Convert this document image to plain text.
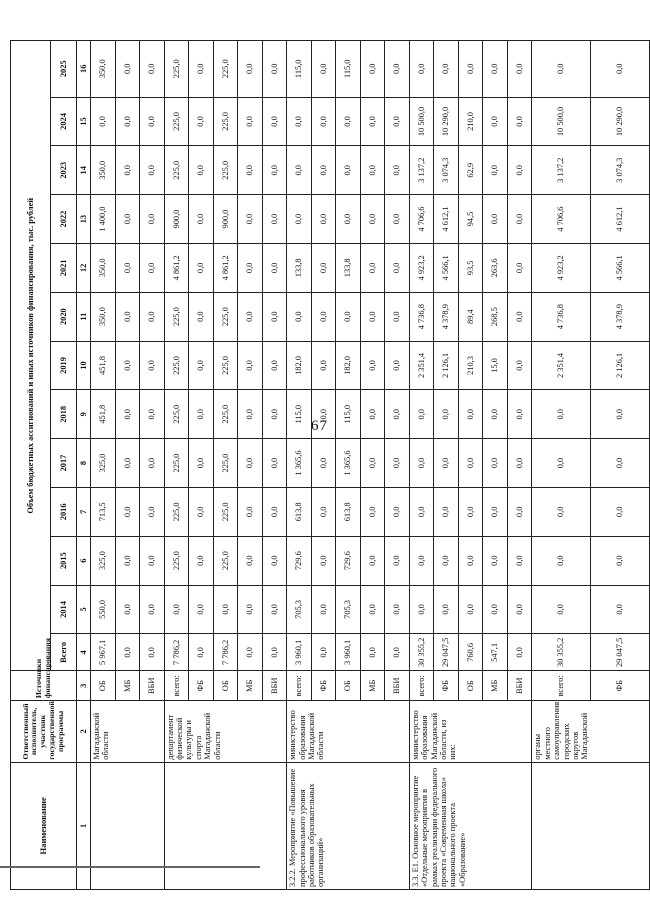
67
Наименование	Ответственный исполнитель, участник государственной программы	Источники финансирования	Объем бюджетных ассигнований и иных источников финансирования, тыс. рублей												
			Всего	2014	2015	2016	2017	2018	2019	2020	2021	2022	2023	2024	2025
1	2	3	4	5	6	7	8	9	10	11	12	13	14	15	16
	Магаданской области	ОБ	5 967,1	550,0	325,0	713,5	325,0	451,8	451,8	350,0	350,0	1 400,0	350,0	0,0	350,0
		МБ	0,0	0,0	0,0	0,0	0,0	0,0	0,0	0,0	0,0	0,0	0,0	0,0	0,0
		ВБИ	0,0	0,0	0,0	0,0	0,0	0,0	0,0	0,0	0,0	0,0	0,0	0,0	0,0
	департамент физической культуры и спорта Магаданской области	всего:	7 786,2	0,0	225,0	225,0	225,0	225,0	225,0	225,0	4 861,2	900,0	225,0	225,0	225,0
		ФБ	0,0	0,0	0,0	0,0	0,0	0,0	0,0	0,0	0,0	0,0	0,0	0,0	0,0
		ОБ	7 786,2	0,0	225,0	225,0	225,0	225,0	225,0	225,0	4 861,2	900,0	225,0	225,0	225,0
		МБ	0,0	0,0	0,0	0,0	0,0	0,0	0,0	0,0	0,0	0,0	0,0	0,0	0,0
		ВБИ	0,0	0,0	0,0	0,0	0,0	0,0	0,0	0,0	0,0	0,0	0,0	0,0	0,0
3.2.2. Мероприятие «Повышение профессионального уровня работников образовательных организаций»	министерство образования Магаданской области	всего:	3 960,1	705,3	729,6	613,8	1 365,6	115,0	182,0	0,0	133,8	0,0	0,0	0,0	115,0
		ФБ	0,0	0,0	0,0	0,0	0,0	0,0	0,0	0,0	0,0	0,0	0,0	0,0	0,0
		ОБ	3 960,1	705,3	729,6	613,8	1 365,6	115,0	182,0	0,0	133,8	0,0	0,0	0,0	115,0
		МБ	0,0	0,0	0,0	0,0	0,0	0,0	0,0	0,0	0,0	0,0	0,0	0,0	0,0
		ВБИ	0,0	0,0	0,0	0,0	0,0	0,0	0,0	0,0	0,0	0,0	0,0	0,0	0,0
3.3. Е1. Основное мероприятие «Отдельные мероприятия в рамках реализации федерального проекта «Современная школа» национального проекта «Образование»	министерство образования Магаданской области, из них:	всего:	30 355,2	0,0	0,0	0,0	0,0	0,0	2 351,4	4 736,8	4 923,2	4 706,6	3 137,2	10 500,0	0,0
		ФБ	29 047,5	0,0	0,0	0,0	0,0	0,0	2 126,1	4 378,9	4 566,1	4 612,1	3 074,3	10 290,0	0,0
		ОБ	760,6	0,0	0,0	0,0	0,0	0,0	210,3	89,4	93,5	94,5	62,9	210,0	0,0
		МБ	547,1	0,0	0,0	0,0	0,0	0,0	15,0	268,5	263,6	0,0	0,0	0,0	0,0
		ВБИ	0,0	0,0	0,0	0,0	0,0	0,0	0,0	0,0	0,0	0,0	0,0	0,0	0,0
	органы местного самоуправления городских округов Магаданской	всего:	30 355,2	0,0	0,0	0,0	0,0	0,0	2 351,4	4 736,8	4 923,2	4 706,6	3 137,2	10 500,0	0,0
		ФБ	29 047,5	0,0	0,0	0,0	0,0	0,0	2 126,1	4 378,9	4 566,1	4 612,1	3 074,3	10 290,0	0,0
